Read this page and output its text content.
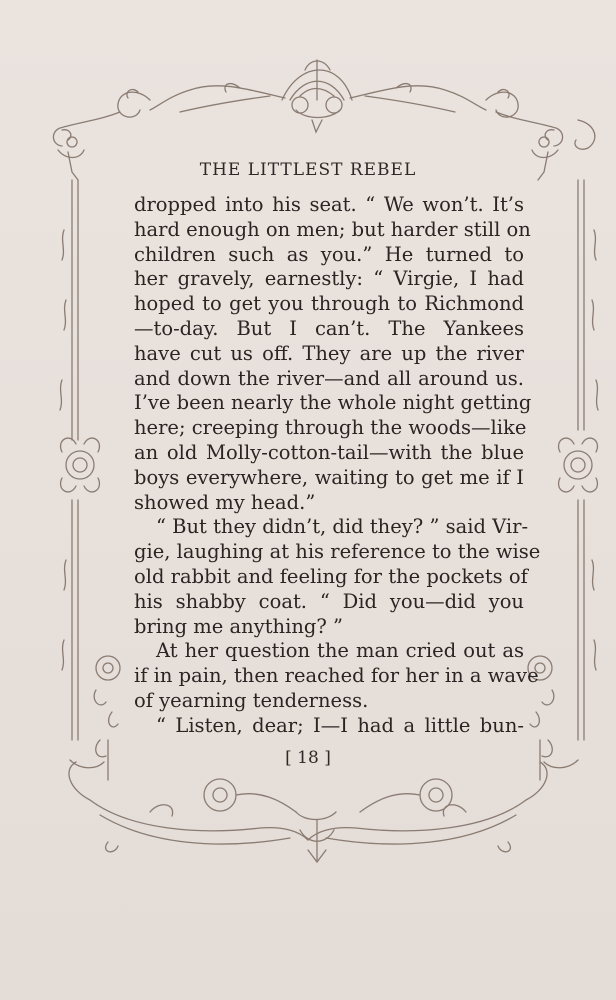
THE LITTLEST REBEL
dropped into his seat. “ We won’t. It’s
hard enough on men; but harder still on
children such as you.” He turned to
her gravely, earnestly: “ Virgie, I had
hoped to get you through to Richmond
—to-day. But I can’t. The Yankees
have cut us off. They are up the river
and down the river—and all around us.
I’ve been nearly the whole night getting
here; creeping through the woods—like
an old Molly-cotton-tail—with the blue
boys everywhere, waiting to get me if I
showed my head.”
“ But they didn’t, did they? ” said Vir-
gie, laughing at his reference to the wise
old rabbit and feeling for the pockets of
his shabby coat. “ Did you—did you
bring me anything? ”
At her question the man cried out as
if in pain, then reached for her in a wave
of yearning tenderness.
“ Listen, dear; I—I had a little bun-
[ 18 ]
